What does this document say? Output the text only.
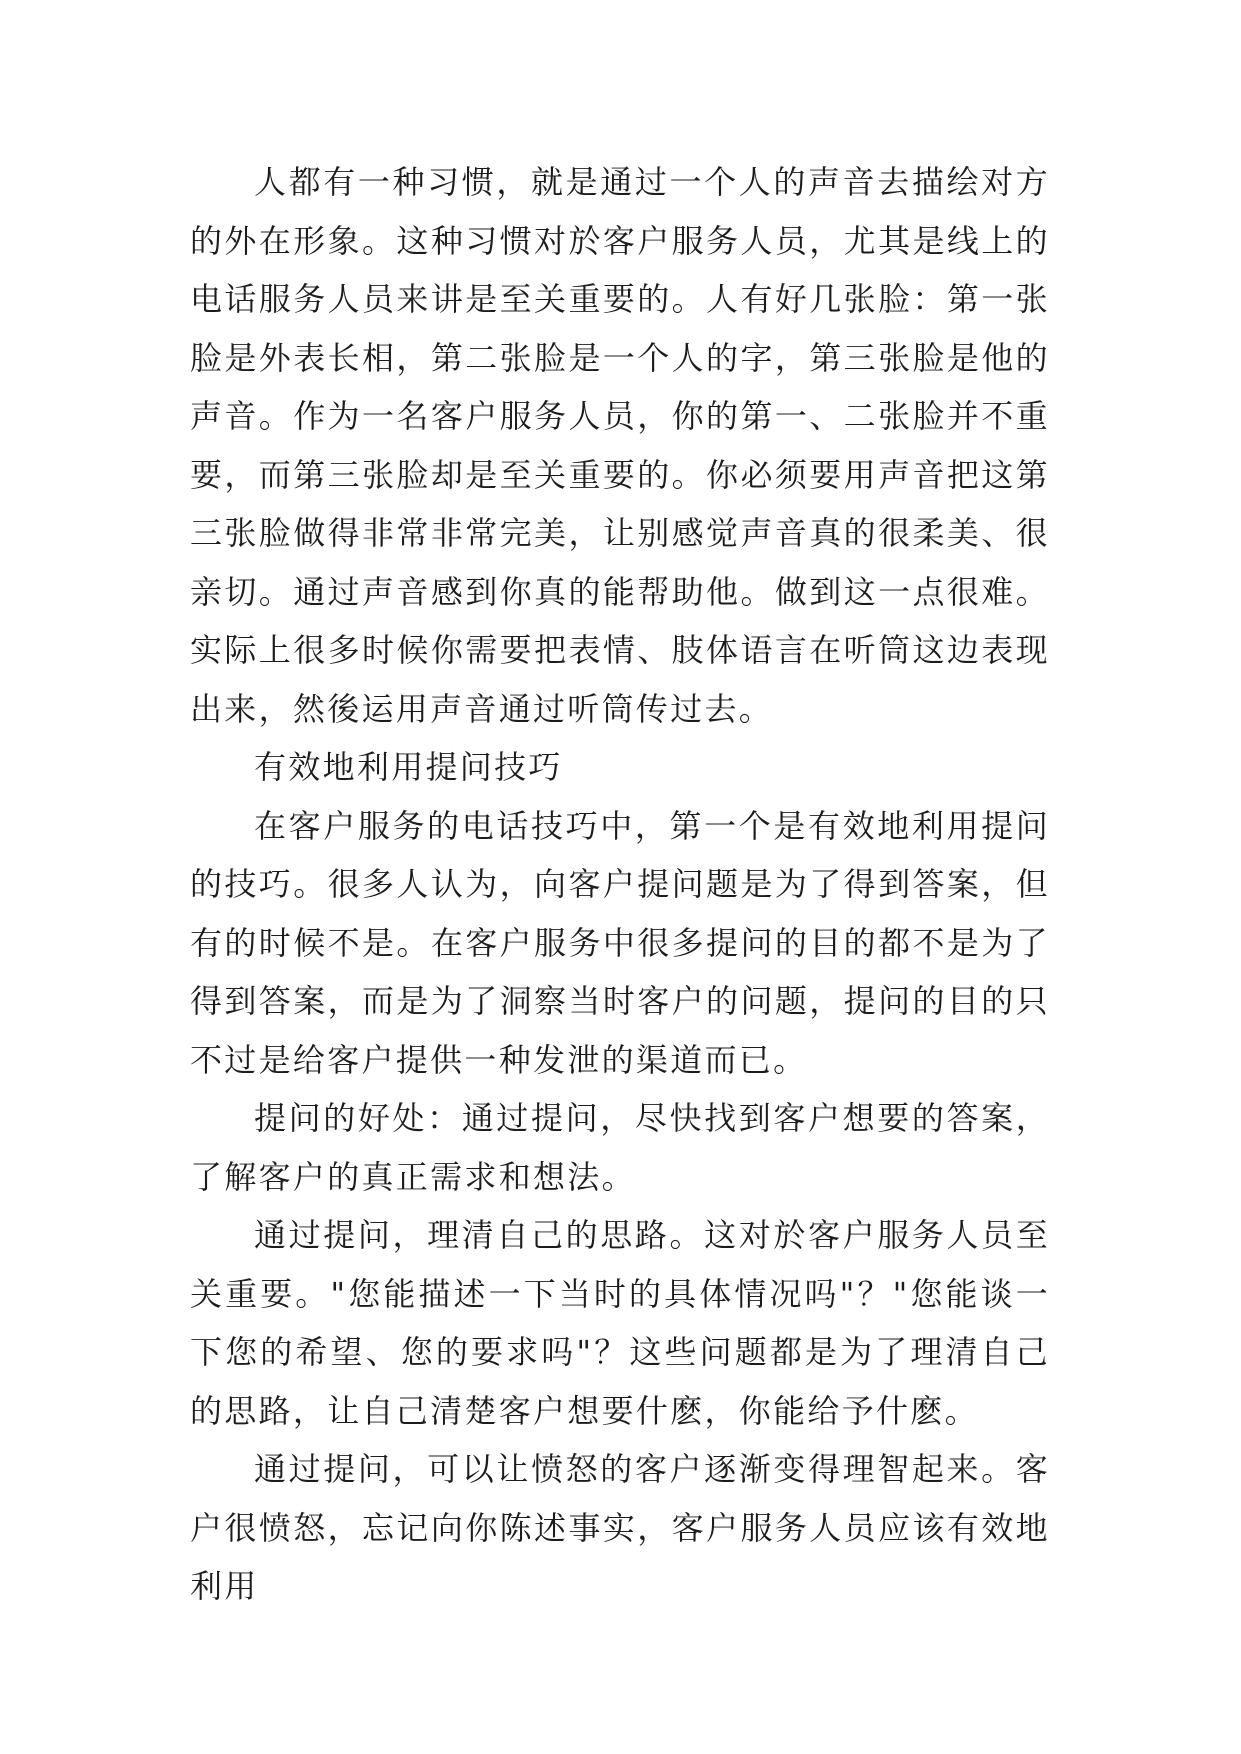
人都有一种习惯，就是通过一个人的声音去描绘对方的外在形象。这种习惯对於客户服务人员，尤其是线上的电话服务人员来讲是至关重要的。人有好几张脸：第一张脸是外表长相，第二张脸是一个人的字，第三张脸是他的声音。作为一名客户服务人员，你的第一、二张脸并不重要，而第三张脸却是至关重要的。你必须要用声音把这第三张脸做得非常非常完美，让别感觉声音真的很柔美、很亲切。通过声音感到你真的能帮助他。做到这一点很难。实际上很多时候你需要把表情、肢体语言在听筒这边表现出来，然後运用声音通过听筒传过去。

有效地利用提问技巧

在客户服务的电话技巧中，第一个是有效地利用提问的技巧。很多人认为，向客户提问题是为了得到答案，但有的时候不是。在客户服务中很多提问的目的都不是为了得到答案，而是为了洞察当时客户的问题，提问的目的只不过是给客户提供一种发泄的渠道而已。

提问的好处：通过提问，尽快找到客户想要的答案，了解客户的真正需求和想法。

通过提问，理清自己的思路。这对於客户服务人员至关重要。"您能描述一下当时的具体情况吗"？"您能谈一下您的希望、您的要求吗"？这些问题都是为了理清自己的思路，让自己清楚客户想要什麽，你能给予什麽。

通过提问，可以让愤怒的客户逐渐变得理智起来。客户很愤怒，忘记向你陈述事实，客户服务人员应该有效地利用
